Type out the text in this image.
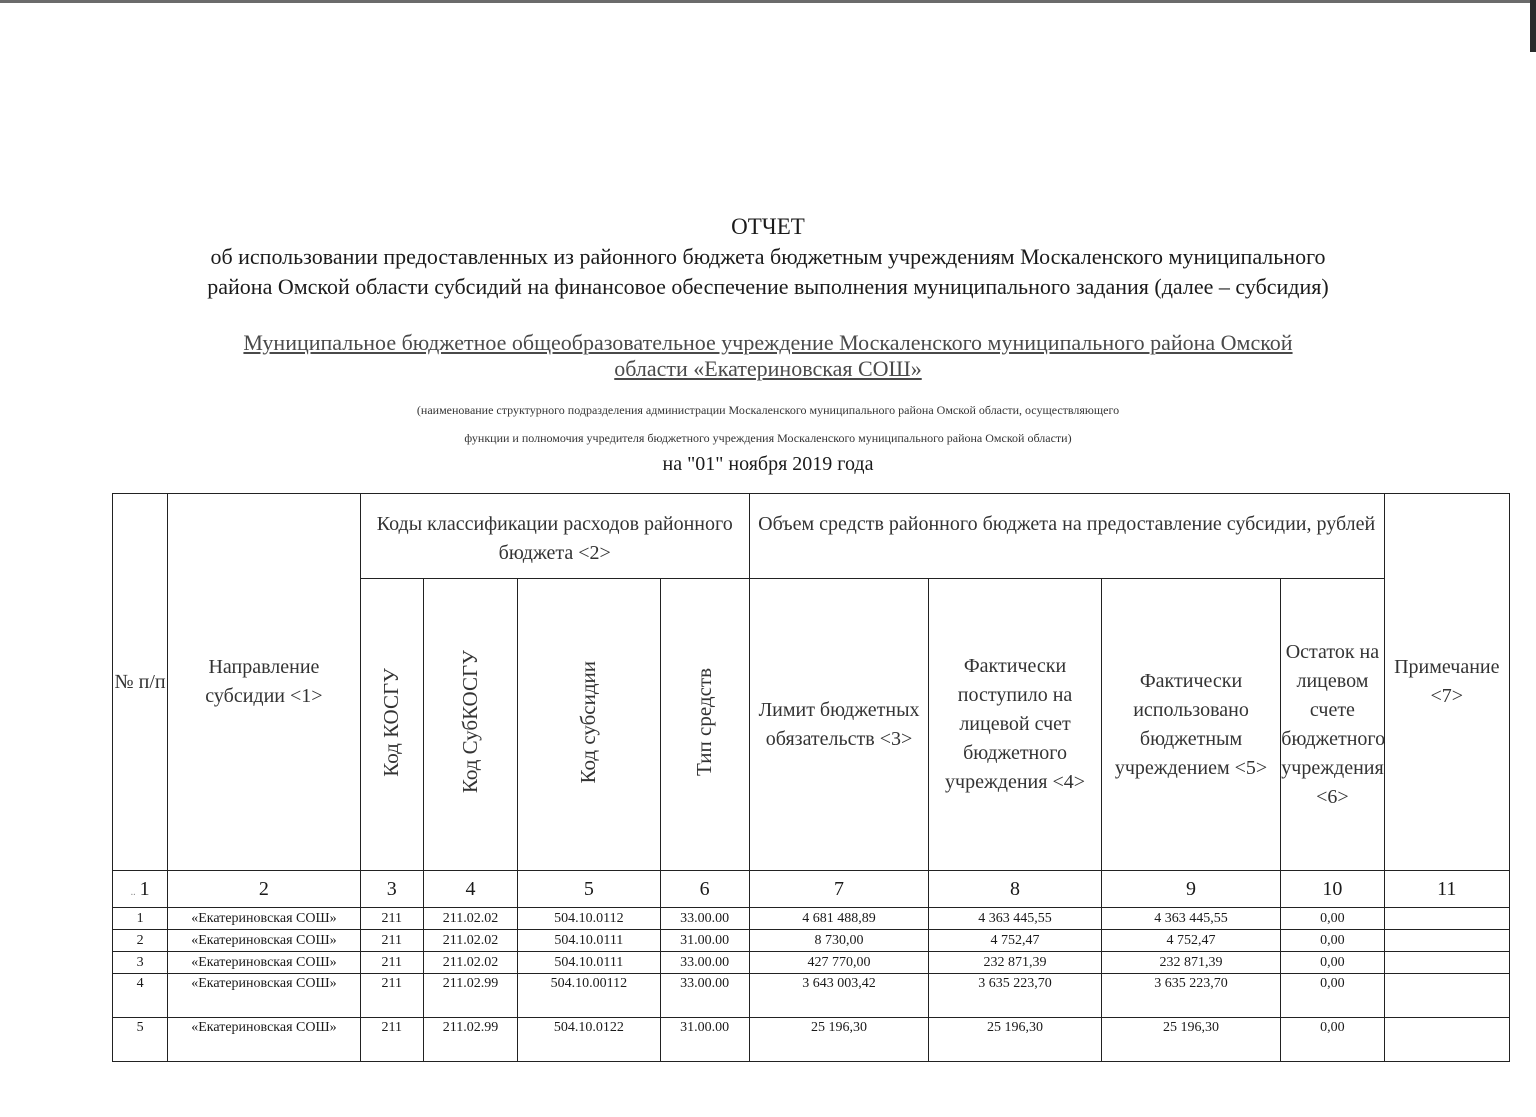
ОТЧЕТ
об использовании предоставленных из районного бюджета бюджетным учреждениям Москаленского муниципального
района Омской области субсидий на финансовое обеспечение выполнения муниципального задания (далее – субсидия)
Муниципальное бюджетное общеобразовательное учреждение Москаленского муниципального района Омской
области «Екатериновская СОШ»
(наименование структурного подразделения администрации Москаленского муниципального района Омской области, осуществляющего
функции и полномочия учредителя бюджетного учреждения Москаленского муниципального района Омской области)
на "01" ноября 2019 года
№ п/п	Направление субсидии <1>	Коды классификации расходов районного бюджета <2>				Объем средств районного бюджета на предоставление субсидии, рублей				Примечание <7>
		Код КОСГУ	Код СубКОСГУ	Код субсидии	Тип средств	Лимит бюджетных обязательств <3>	Фактически поступило на лицевой счет бюджетного учреждения <4>	Фактически использовано бюджетным учреждением <5>	Остаток на лицевом счете бюджетного учреждения <6>	
.. 1	2	3	4	5	6	7	8	9	10	11
1	«Екатериновская СОШ»	211	211.02.02	504.10.0112	33.00.00	4 681 488,89	4 363 445,55	4 363 445,55	0,00	
2	«Екатериновская СОШ»	211	211.02.02	504.10.0111	31.00.00	8 730,00	4 752,47	4 752,47	0,00	
3	«Екатериновская СОШ»	211	211.02.02	504.10.0111	33.00.00	427 770,00	232 871,39	232 871,39	0,00	
4	«Екатериновская СОШ»	211	211.02.99	504.10.00112	33.00.00	3 643 003,42	3 635 223,70	3 635 223,70	0,00	
5	«Екатериновская СОШ»	211	211.02.99	504.10.0122	31.00.00	25 196,30	25 196,30	25 196,30	0,00	
